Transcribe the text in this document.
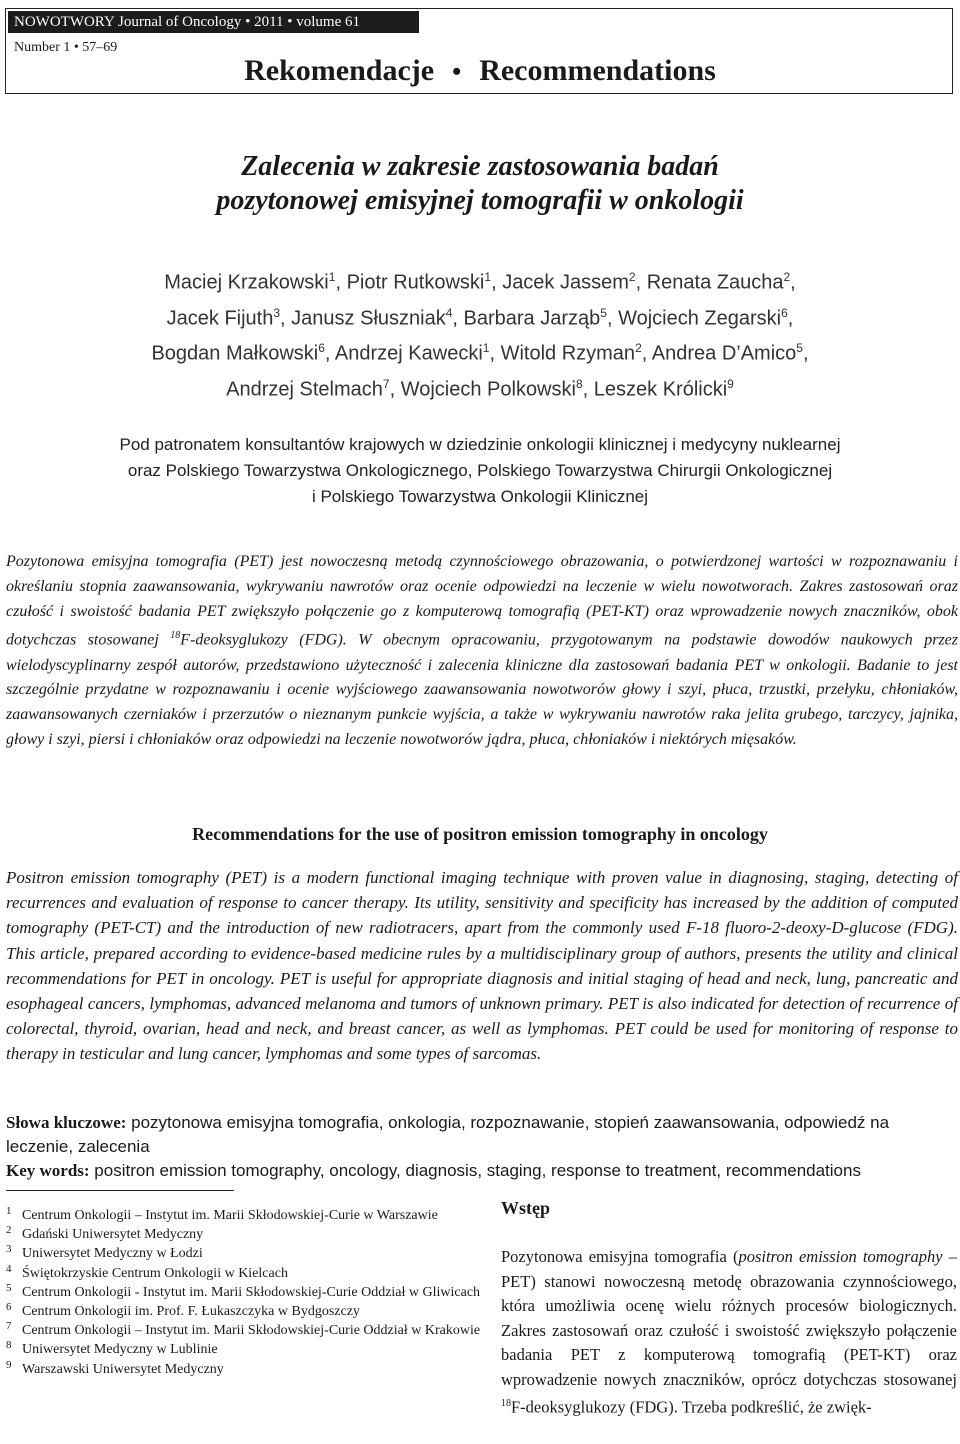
NOWOTWORY Journal of Oncology • 2011 • volume 61
Number 1 • 57–69
Rekomendacje • Recommendations
Zalecenia w zakresie zastosowania badań
pozytonowej emisyjnej tomografii w onkologii
Maciej Krzakowski$^1$, Piotr Rutkowski$^1$, Jacek Jassem$^2$, Renata Zaucha$^2$,
Jacek Fijuth$^3$, Janusz Słuszniak$^4$, Barbara Jarząb$^5$, Wojciech Zegarski$^6$,
Bogdan Małkowski$^6$, Andrzej Kawecki$^1$, Witold Rzyman$^2$, Andrea D’Amico$^5$,
Andrzej Stelmach$^7$, Wojciech Polkowski$^8$, Leszek Królicki$^9$
Pod patronatem konsultantów krajowych w dziedzinie onkologii klinicznej i medycyny nuklearnej
oraz Polskiego Towarzystwa Onkologicznego, Polskiego Towarzystwa Chirurgii Onkologicznej
i Polskiego Towarzystwa Onkologii Klinicznej
Pozytonowa emisyjna tomografia (PET) jest nowoczesną metodą czynnościowego obrazowania, o potwierdzonej wartości w rozpoznawaniu i określaniu stopnia zaawansowania, wykrywaniu nawrotów oraz ocenie odpowiedzi na leczenie w wielu nowotworach. Zakres zastosowań oraz czułość i swoistość badania PET zwiększyło połączenie go z komputerową tomografią (PET-KT) oraz wprowadzenie nowych znaczników, obok dotychczas stosowanej $^{18}$F-deoksyglukozy (FDG). W obecnym opracowaniu, przygotowanym na podstawie dowodów naukowych przez wielodyscyplinarny zespół autorów, przedstawiono użyteczność i zalecenia kliniczne dla zastosowań badania PET w onkologii. Badanie to jest szczególnie przydatne w rozpoznawaniu i ocenie wyjściowego zaawansowania nowotworów głowy i szyi, płuca, trzustki, przełyku, chłoniaków, zaawansowanych czerniaków i przerzutów o nieznanym punkcie wyjścia, a także w wykrywaniu nawrotów raka jelita grubego, tarczycy, jajnika, głowy i szyi, piersi i chłoniaków oraz odpowiedzi na leczenie nowotworów jądra, płuca, chłoniaków i niektórych mięsaków.
Recommendations for the use of positron emission tomography in oncology
Positron emission tomography (PET) is a modern functional imaging technique with proven value in diagnosing, staging, detecting of recurrences and evaluation of response to cancer therapy. Its utility, sensitivity and specificity has increased by the addition of computed tomography (PET-CT) and the introduction of new radiotracers, apart from the commonly used F-18 fluoro-2-deoxy-D-glucose (FDG). This article, prepared according to evidence-based medicine rules by a multidisciplinary group of authors, presents the utility and clinical recommendations for PET in oncology. PET is useful for appropriate diagnosis and initial staging of head and neck, lung, pancreatic and esophageal cancers, lymphomas, advanced melanoma and tumors of unknown primary. PET is also indicated for detection of recurrence of colorectal, thyroid, ovarian, head and neck, and breast cancer, as well as lymphomas. PET could be used for monitoring of response to therapy in testicular and lung cancer, lymphomas and some types of sarcomas.
Słowa kluczowe: pozytonowa emisyjna tomografia, onkologia, rozpoznawanie, stopień zaawansowania, odpowiedź na leczenie, zalecenia
Key words: positron emission tomography, oncology, diagnosis, staging, response to treatment, recommendations
1 Centrum Onkologii – Instytut im. Marii Skłodowskiej-Curie w Warszawie
2 Gdański Uniwersytet Medyczny
3 Uniwersytet Medyczny w Łodzi
4 Świętokrzyskie Centrum Onkologii w Kielcach
5 Centrum Onkologii - Instytut im. Marii Skłodowskiej-Curie Oddział w Gliwicach
6 Centrum Onkologii im. Prof. F. Łukaszczyka w Bydgoszczy
7 Centrum Onkologii – Instytut im. Marii Skłodowskiej-Curie Oddział w Krakowie
8 Uniwersytet Medyczny w Lublinie
9 Warszawski Uniwersytet Medyczny
Wstęp
Pozytonowa emisyjna tomografia (positron emission tomography – PET) stanowi nowoczesną metodę obrazowania czynnościowego, która umożliwia ocenę wielu różnych procesów biologicznych. Zakres zastosowań oraz czułość i swoistość zwiększyło połączenie badania PET z komputerową tomografią (PET-KT) oraz wprowadzenie nowych znaczników, oprócz dotychczas stosowanej $^{18}$F-deoksyglukozy (FDG). Trzeba podkreślić, że zwięk-
